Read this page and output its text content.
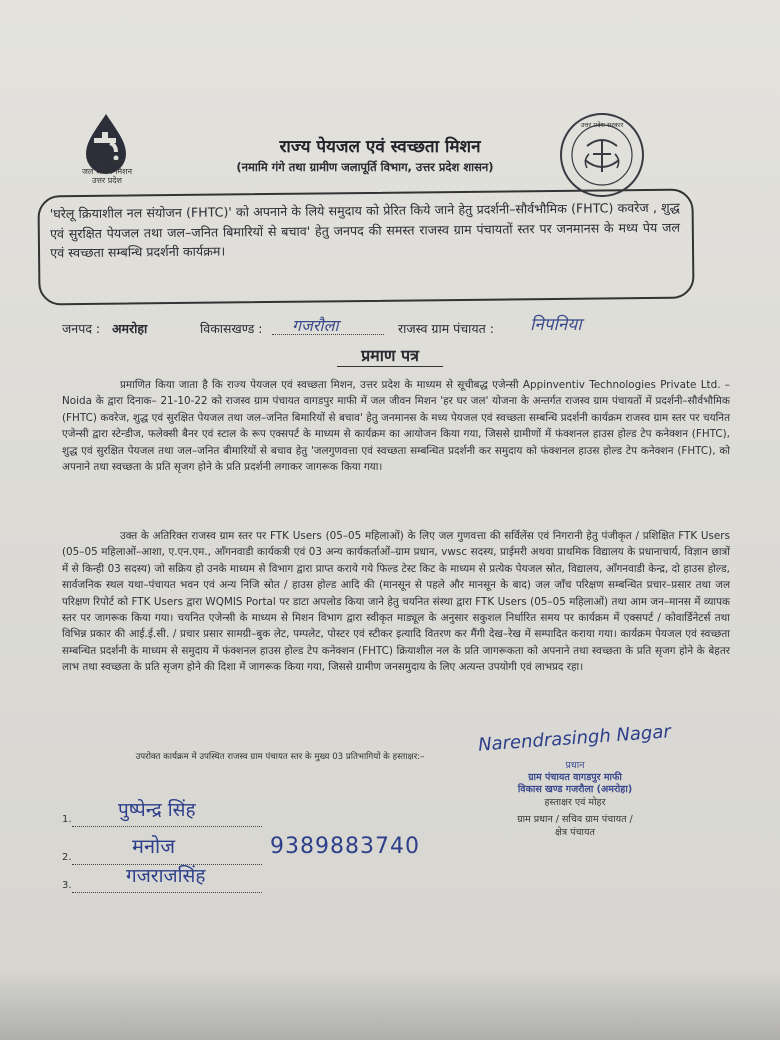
हर घर जल
जल जीवन मिशन
उत्तर प्रदेश
उत्तर प्रदेश सरकार
राज्य पेयजल एवं स्वच्छता मिशन
(नमामि गंगे तथा ग्रामीण जलापूर्ति विभाग, उत्तर प्रदेश शासन)
'घरेलू क्रियाशील नल संयोजन (FHTC)' को अपनाने के लिये समुदाय को प्रेरित किये जाने हेतु प्रदर्शनी–सौर्वभौमिक (FHTC) कवरेज , शुद्ध एवं सुरक्षित पेयजल तथा जल–जनित बिमारियों से बचाव' हेतु जनपद की समस्त राजस्व ग्राम पंचायतों स्तर पर जनमानस के मध्य पेय जल एवं स्वच्छता सम्बन्धि प्रदर्शनी कार्यक्रम।
जनपद : अमरोहा	विकासखण्ड : गजरौला	राजस्व ग्राम पंचायत : निपनिया
प्रमाण पत्र
प्रमाणित किया जाता है कि राज्य पेयजल एवं स्वच्छता मिशन, उत्तर प्रदेश के माध्यम से सूचीबद्ध एजेन्सी Appinventiv Technologies Private Ltd. – Noida के द्वारा दिनाक– 21-10-22 को राजस्व ग्राम पंचायत वागडपुर माफी में जल जीवन मिशन 'हर घर जल' योजना के अन्तर्गत राजस्व ग्राम पंचायतों में प्रदर्शनी–सौर्वभौमिक (FHTC) कवरेज, शुद्ध एवं सुरक्षित पेयजल तथा जल–जनित बिमारियों से बचाव' हेतु जनमानस के मध्य पेयजल एवं स्वच्छता सम्बन्धि प्रदर्शनी कार्यक्रम राजस्व ग्राम स्तर पर चयनित एजेन्सी द्वारा स्टेन्डीज, फलेक्सी बैनर एवं स्टाल के रूप एक्सपर्ट के माध्यम से कार्यक्रम का आयोजन किया गया, जिससे ग्रामीणों में फंक्शनल हाउस होल्ड टेप कनेक्शन (FHTC), शुद्ध एवं सुरक्षित पेयजल तथा जल–जनित बीमारियों से बचाव हेतु 'जलगुणवत्ता एवं स्वच्छता सम्बन्धित प्रदर्शनी कर समुदाय को फंक्शनल हाउस होल्ड टेप कनेक्शन (FHTC), को अपनाने तथा स्वच्छता के प्रति सृजग होने के प्रति प्रदर्शनी लगाकर जागरूक किया गया।
उक्त के अतिरिक्त राजस्व ग्राम स्तर पर FTK Users (05–05 महिलाओं) के लिए जल गुणवत्ता की सर्विलेंस एवं निगरानी हेतु पंजीकृत / प्रशिक्षित FTK Users (05–05 महिलाओं–आशा, ए.एन.एम., आँगनवाडी कार्यकत्री एवं 03 अन्य कार्यकर्ताओं–ग्राम प्रधान, vwsc सदस्य, प्राईमरी अथवा प्राथमिक विद्यालय के प्रधानाचार्य, विज्ञान छात्रों में से किन्ही 03 सदस्य) जो सक्रिय हो उनके माध्यम से विभाग द्वारा प्राप्त कराये गये फिल्ड टेस्ट किट के माध्यम से प्रत्येक पेयजल स्रोत, विद्यालय, आँगनवाडी केन्द्र, दो हाउस होल्ड, सार्वजनिक स्थल यथा–पंचायत भवन एवं अन्य निजि स्रोत / हाउस होल्ड आदि की (मानसून से पहले और मानसून के बाद) जल जाँच परिक्षण सम्बन्धित प्रचार–प्रसार तथा जल परिक्षण रिपोर्ट को FTK Users द्वारा WQMIS Portal पर डाटा अपलोड किया जाने हेतु चयनित संस्था द्वारा FTK Users (05–05 महिलाओं) तथा आम जन–मानस में व्यापक स्तर पर जागरूक किया गया। चयनित एजेन्सी के माध्यम से मिशन विभाग द्वारा स्वीकृत माड्यूल के अनुसार सकुशल निर्धारित समय पर कार्यक्रम में एक्सपर्ट / कोवार्डिनेटर्स तथा विभिन्न प्रकार की आई.ई.सी. / प्रचार प्रसार सामग्री–बुक लेट, पम्पलेट, पोस्टर एवं स्टीकर इत्यादि वितरण कर मैंगी देख–रेख में सम्पादित कराया गया। कार्यक्रम पेयजल एवं स्वच्छता सम्बन्धित प्रदर्शनी के माध्यम से समुदाय में फंक्शनल हाउस होल्ड टेप कनेक्शन (FHTC) क्रियाशील नल के प्रति जागरूकता को अपनाने तथा स्वच्छता के प्रति सृजग होने के बेहतर लाभ तथा स्वच्छता के प्रति सृजग होने की दिशा में जागरूक किया गया, जिससे ग्रामीण जनसमुदाय के लिए अत्यन्त उपयोगी एवं लाभप्रद रहा।
उपरोक्त कार्यक्रम में उपस्थित राजस्व ग्राम पंचायत स्तर के मुख्य 03 प्रतिभागियों के हस्ताक्षर:–
1. पुष्पेन्द्र सिंह
2.	मनोज	9389883740
3.	गजराजसिंह
Narendrasingh Nagar
प्रधान
ग्राम पंचायत वागडपुर माफी
विकास खण्ड गजरौला (अमरोहा)
हस्ताक्षर एवं मोहर
ग्राम प्रधान / सचिव ग्राम पंचायत /
क्षेत्र पंचायत
